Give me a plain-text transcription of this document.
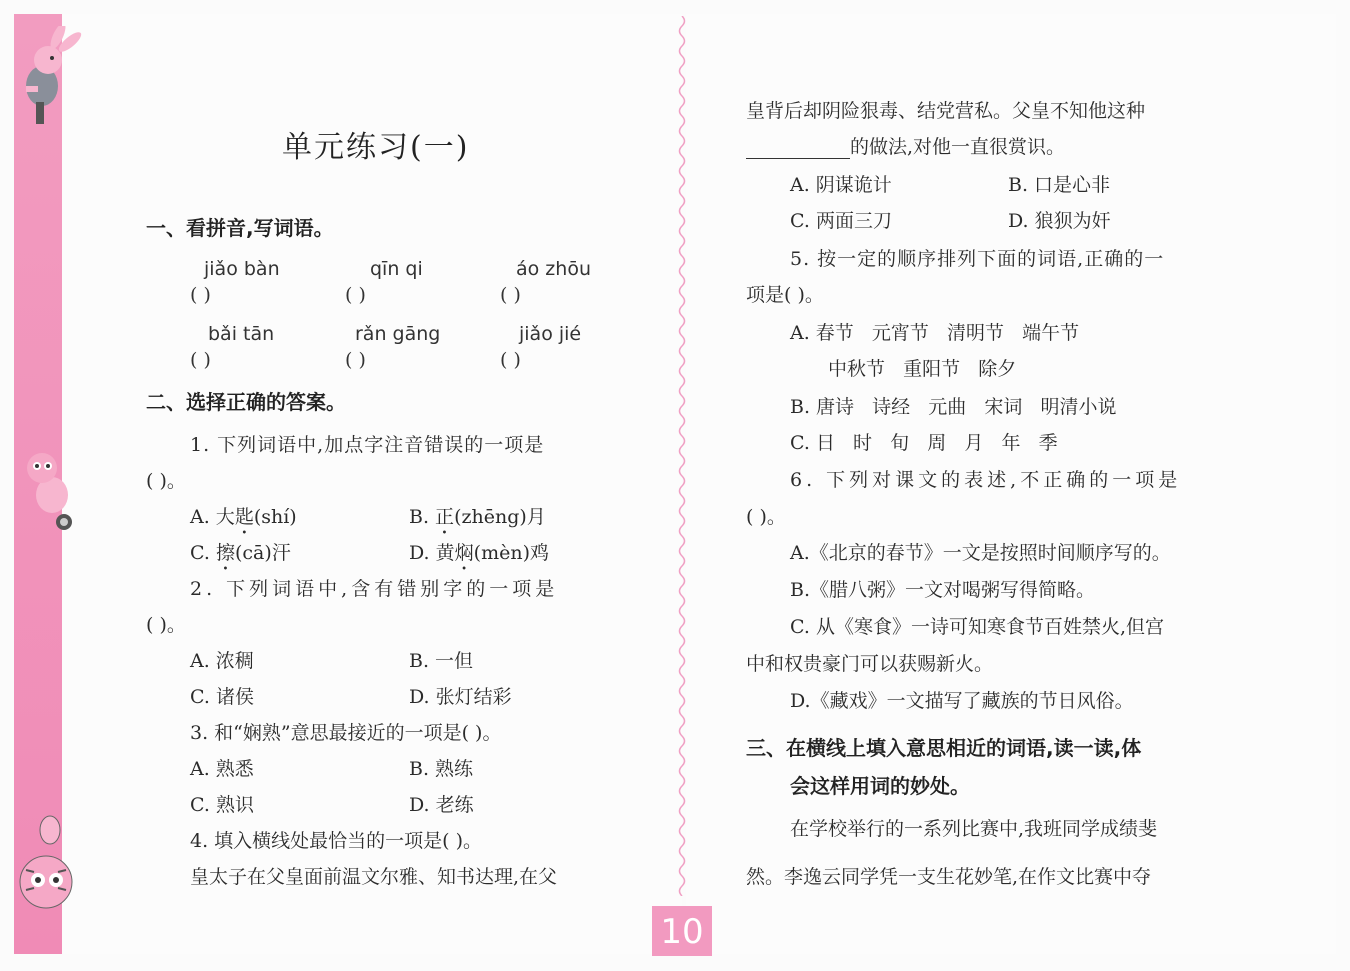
10
单元练习(一)
一、看拼音,写词语。
jiǎo bàn	qīn qi	áo zhōu
( )	( )	( )
bǎi tān	rǎn gāng	jiǎo jié
( )	( )	( )
二、选择正确的答案。
1. 下列词语中,加点字注音错误的一项是
( )。
A. 大匙(shí)	B. 正(zhēng)月
C. 擦(cā)汗	D. 黄焖(mèn)鸡
2. 下列词语中,含有错别字的一项是
( )。
A. 浓稠	B. 一但
C. 诸侯	D. 张灯结彩
3. 和“娴熟”意思最接近的一项是( )。
A. 熟悉	B. 熟练
C. 熟识	D. 老练
4. 填入横线处最恰当的一项是( )。
皇太子在父皇面前温文尔雅、知书达理,在父
皇背后却阴险狠毒、结党营私。父皇不知他这种
的做法,对他一直很赏识。
A. 阴谋诡计	B. 口是心非
C. 两面三刀	D. 狼狈为奸
5. 按一定的顺序排列下面的词语,正确的一
项是( )。
A. 春节   元宵节   清明节   端午节
中秋节   重阳节   除夕
B. 唐诗   诗经   元曲   宋词   明清小说
C. 日   时   旬   周   月   年   季
6. 下列对课文的表述,不正确的一项是
( )。
A.《北京的春节》一文是按照时间顺序写的。
B.《腊八粥》一文对喝粥写得简略。
C. 从《寒食》一诗可知寒食节百姓禁火,但宫
中和权贵豪门可以获赐新火。
D.《藏戏》一文描写了藏族的节日风俗。
三、在横线上填入意思相近的词语,读一读,体
会这样用词的妙处。
在学校举行的一系列比赛中,我班同学成绩斐
然。李逸云同学凭一支生花妙笔,在作文比赛中夺
